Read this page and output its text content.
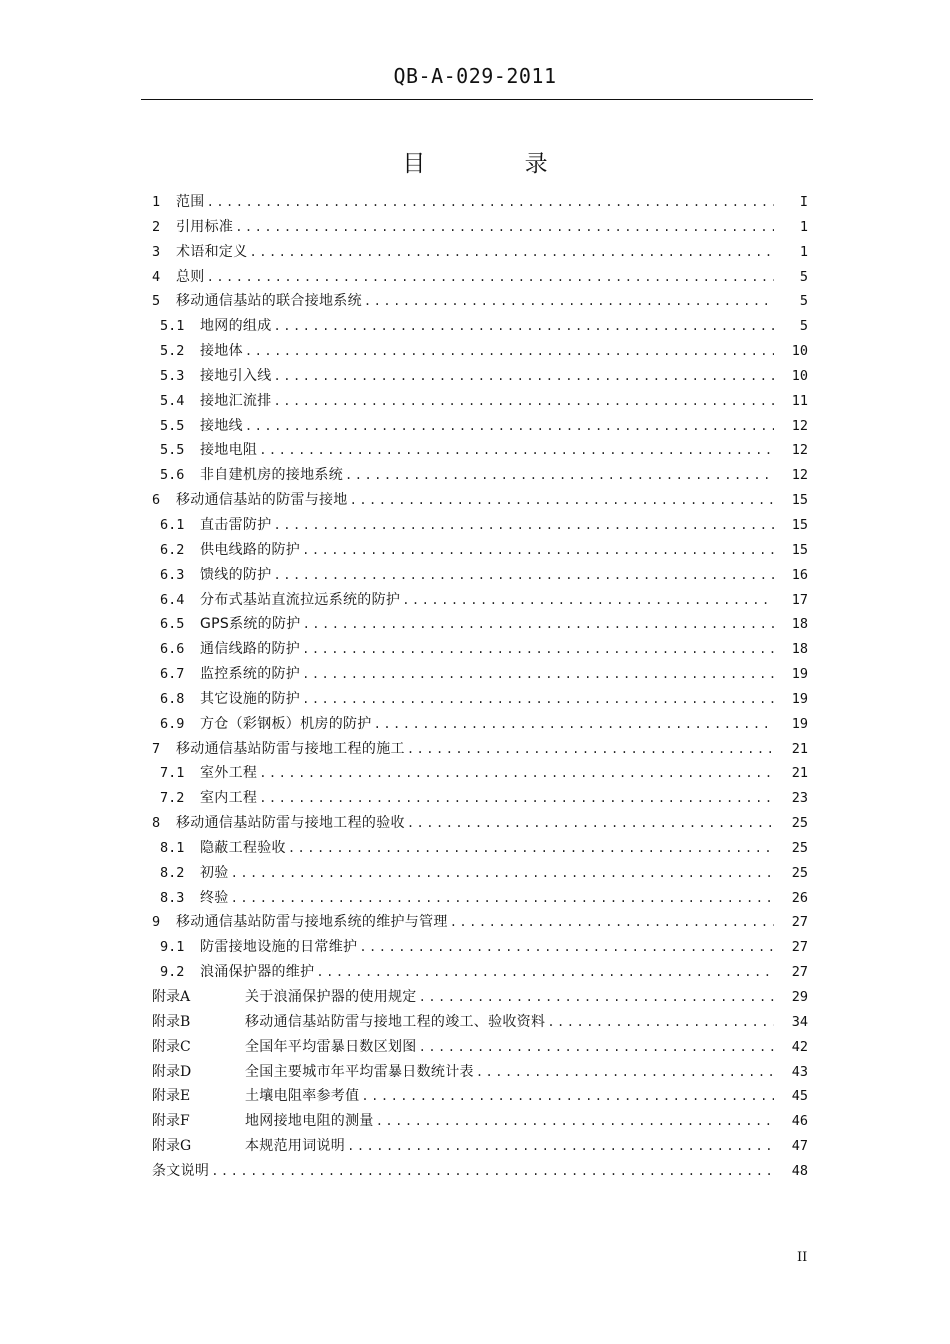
QB-A-029-2011
目 录
1	范围 .....	I
2	引用标准 .....	1
3	术语和定义 .....	1
4	总则 .....	5
5	移动通信基站的联合接地系统 .....	5
5.1	地网的组成 .....	5
5.2	接地体 .....	10
5.3	接地引入线 .....	10
5.4	接地汇流排 .....	11
5.5	接地线 .....	12
5.5	接地电阻 .....	12
5.6	非自建机房的接地系统 .....	12
6	移动通信基站的防雷与接地 .....	15
6.1	直击雷防护 .....	15
6.2	供电线路的防护 .....	15
6.3	馈线的防护 .....	16
6.4	分布式基站直流拉远系统的防护 .....	17
6.5	GPS系统的防护 .....	18
6.6	通信线路的防护 .....	18
6.7	监控系统的防护 .....	19
6.8	其它设施的防护 .....	19
6.9	方仓（彩钢板）机房的防护 .....	19
7	移动通信基站防雷与接地工程的施工 .....	21
7.1	室外工程 .....	21
7.2	室内工程 .....	23
8	移动通信基站防雷与接地工程的验收 .....	25
8.1	隐蔽工程验收 .....	25
8.2	初验 .....	25
8.3	终验 .....	26
9	移动通信基站防雷与接地系统的维护与管理 .....	27
9.1	防雷接地设施的日常维护 .....	27
9.2	浪涌保护器的维护 .....	27
附录A	关于浪涌保护器的使用规定 .....	29
附录B	移动通信基站防雷与接地工程的竣工、验收资料 .....	34
附录C	全国年平均雷暴日数区划图 .....	42
附录D	全国主要城市年平均雷暴日数统计表 .....	43
附录E	土壤电阻率参考值 .....	45
附录F	地网接地电阻的测量 .....	46
附录G	本规范用词说明 .....	47
条文说明 .....	48
II
